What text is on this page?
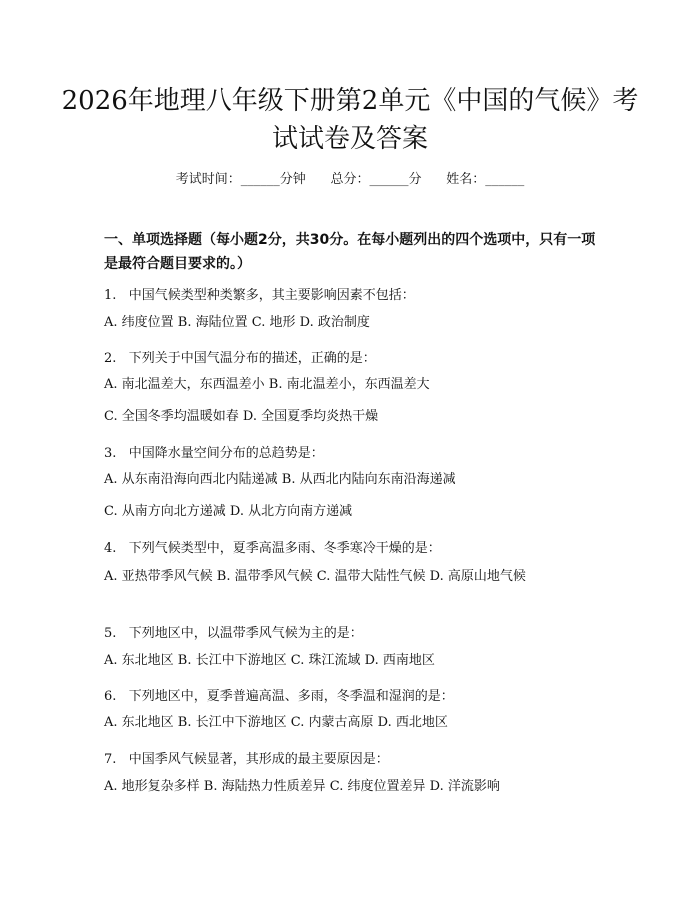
2026年地理八年级下册第2单元《中国的气候》考试试卷及答案
考试时间：______分钟      总分：______分      姓名：______
一、单项选择题（每小题2分，共30分。在每小题列出的四个选项中，只有一项是最符合题目要求的。）
1.   中国气候类型种类繁多，其主要影响因素不包括：
A. 纬度位置 B. 海陆位置 C. 地形 D. 政治制度
2.   下列关于中国气温分布的描述，正确的是：
A. 南北温差大，东西温差小 B. 南北温差小，东西温差大
C. 全国冬季均温暖如春 D. 全国夏季均炎热干燥
3.   中国降水量空间分布的总趋势是：
A. 从东南沿海向西北内陆递减 B. 从西北内陆向东南沿海递减
C. 从南方向北方递减 D. 从北方向南方递减
4.   下列气候类型中，夏季高温多雨、冬季寒冷干燥的是：
A. 亚热带季风气候 B. 温带季风气候 C. 温带大陆性气候 D. 高原山地气候
5.   下列地区中，以温带季风气候为主的是：
A. 东北地区 B. 长江中下游地区 C. 珠江流域 D. 西南地区
6.   下列地区中，夏季普遍高温、多雨，冬季温和湿润的是：
A. 东北地区 B. 长江中下游地区 C. 内蒙古高原 D. 西北地区
7.   中国季风气候显著，其形成的最主要原因是：
A. 地形复杂多样 B. 海陆热力性质差异 C. 纬度位置差异 D. 洋流影响
